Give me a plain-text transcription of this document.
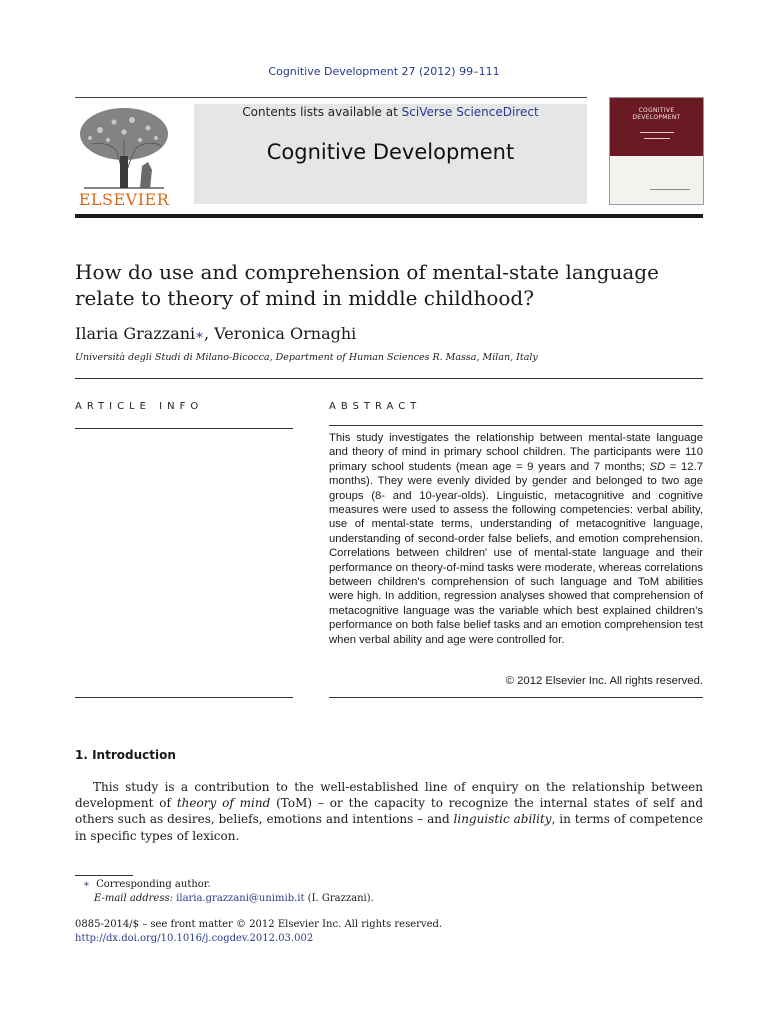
Cognitive Development 27 (2012) 99–111
ELSEVIER
Contents lists available at SciVerse ScienceDirect
Cognitive Development
COGNITIVE
DEVELOPMENT
How do use and comprehension of mental-state language relate to theory of mind in middle childhood?
Ilaria Grazzani∗, Veronica Ornaghi
Università degli Studi di Milano-Bicocca, Department of Human Sciences R. Massa, Milan, Italy
ARTICLE INFO	ABSTRACT
This study investigates the relationship between mental-state language and theory of mind in primary school children. The participants were 110 primary school students (mean age = 9 years and 7 months; SD = 12.7 months). They were evenly divided by gender and belonged to two age groups (8- and 10-year-olds). Linguistic, metacognitive and cognitive measures were used to assess the following competencies: verbal ability, use of mental-state terms, understanding of metacognitive language, understanding of second-order false beliefs, and emotion comprehension. Correlations between children' use of mental-state language and their performance on theory-of-mind tasks were moderate, whereas correlations between children's comprehension of such language and ToM abilities were high. In addition, regression analyses showed that comprehension of metacognitive language was the variable which best explained children's performance on both false belief tasks and an emotion comprehension test when verbal ability and age were controlled for.
© 2012 Elsevier Inc. All rights reserved.
1. Introduction
This study is a contribution to the well-established line of enquiry on the relationship between development of theory of mind (ToM) – or the capacity to recognize the internal states of self and others such as desires, beliefs, emotions and intentions – and linguistic ability, in terms of competence in specific types of lexicon.
∗ Corresponding author.
E-mail address: ilaria.grazzani@unimib.it (I. Grazzani).
0885-2014/$ – see front matter © 2012 Elsevier Inc. All rights reserved.
http://dx.doi.org/10.1016/j.cogdev.2012.03.002
